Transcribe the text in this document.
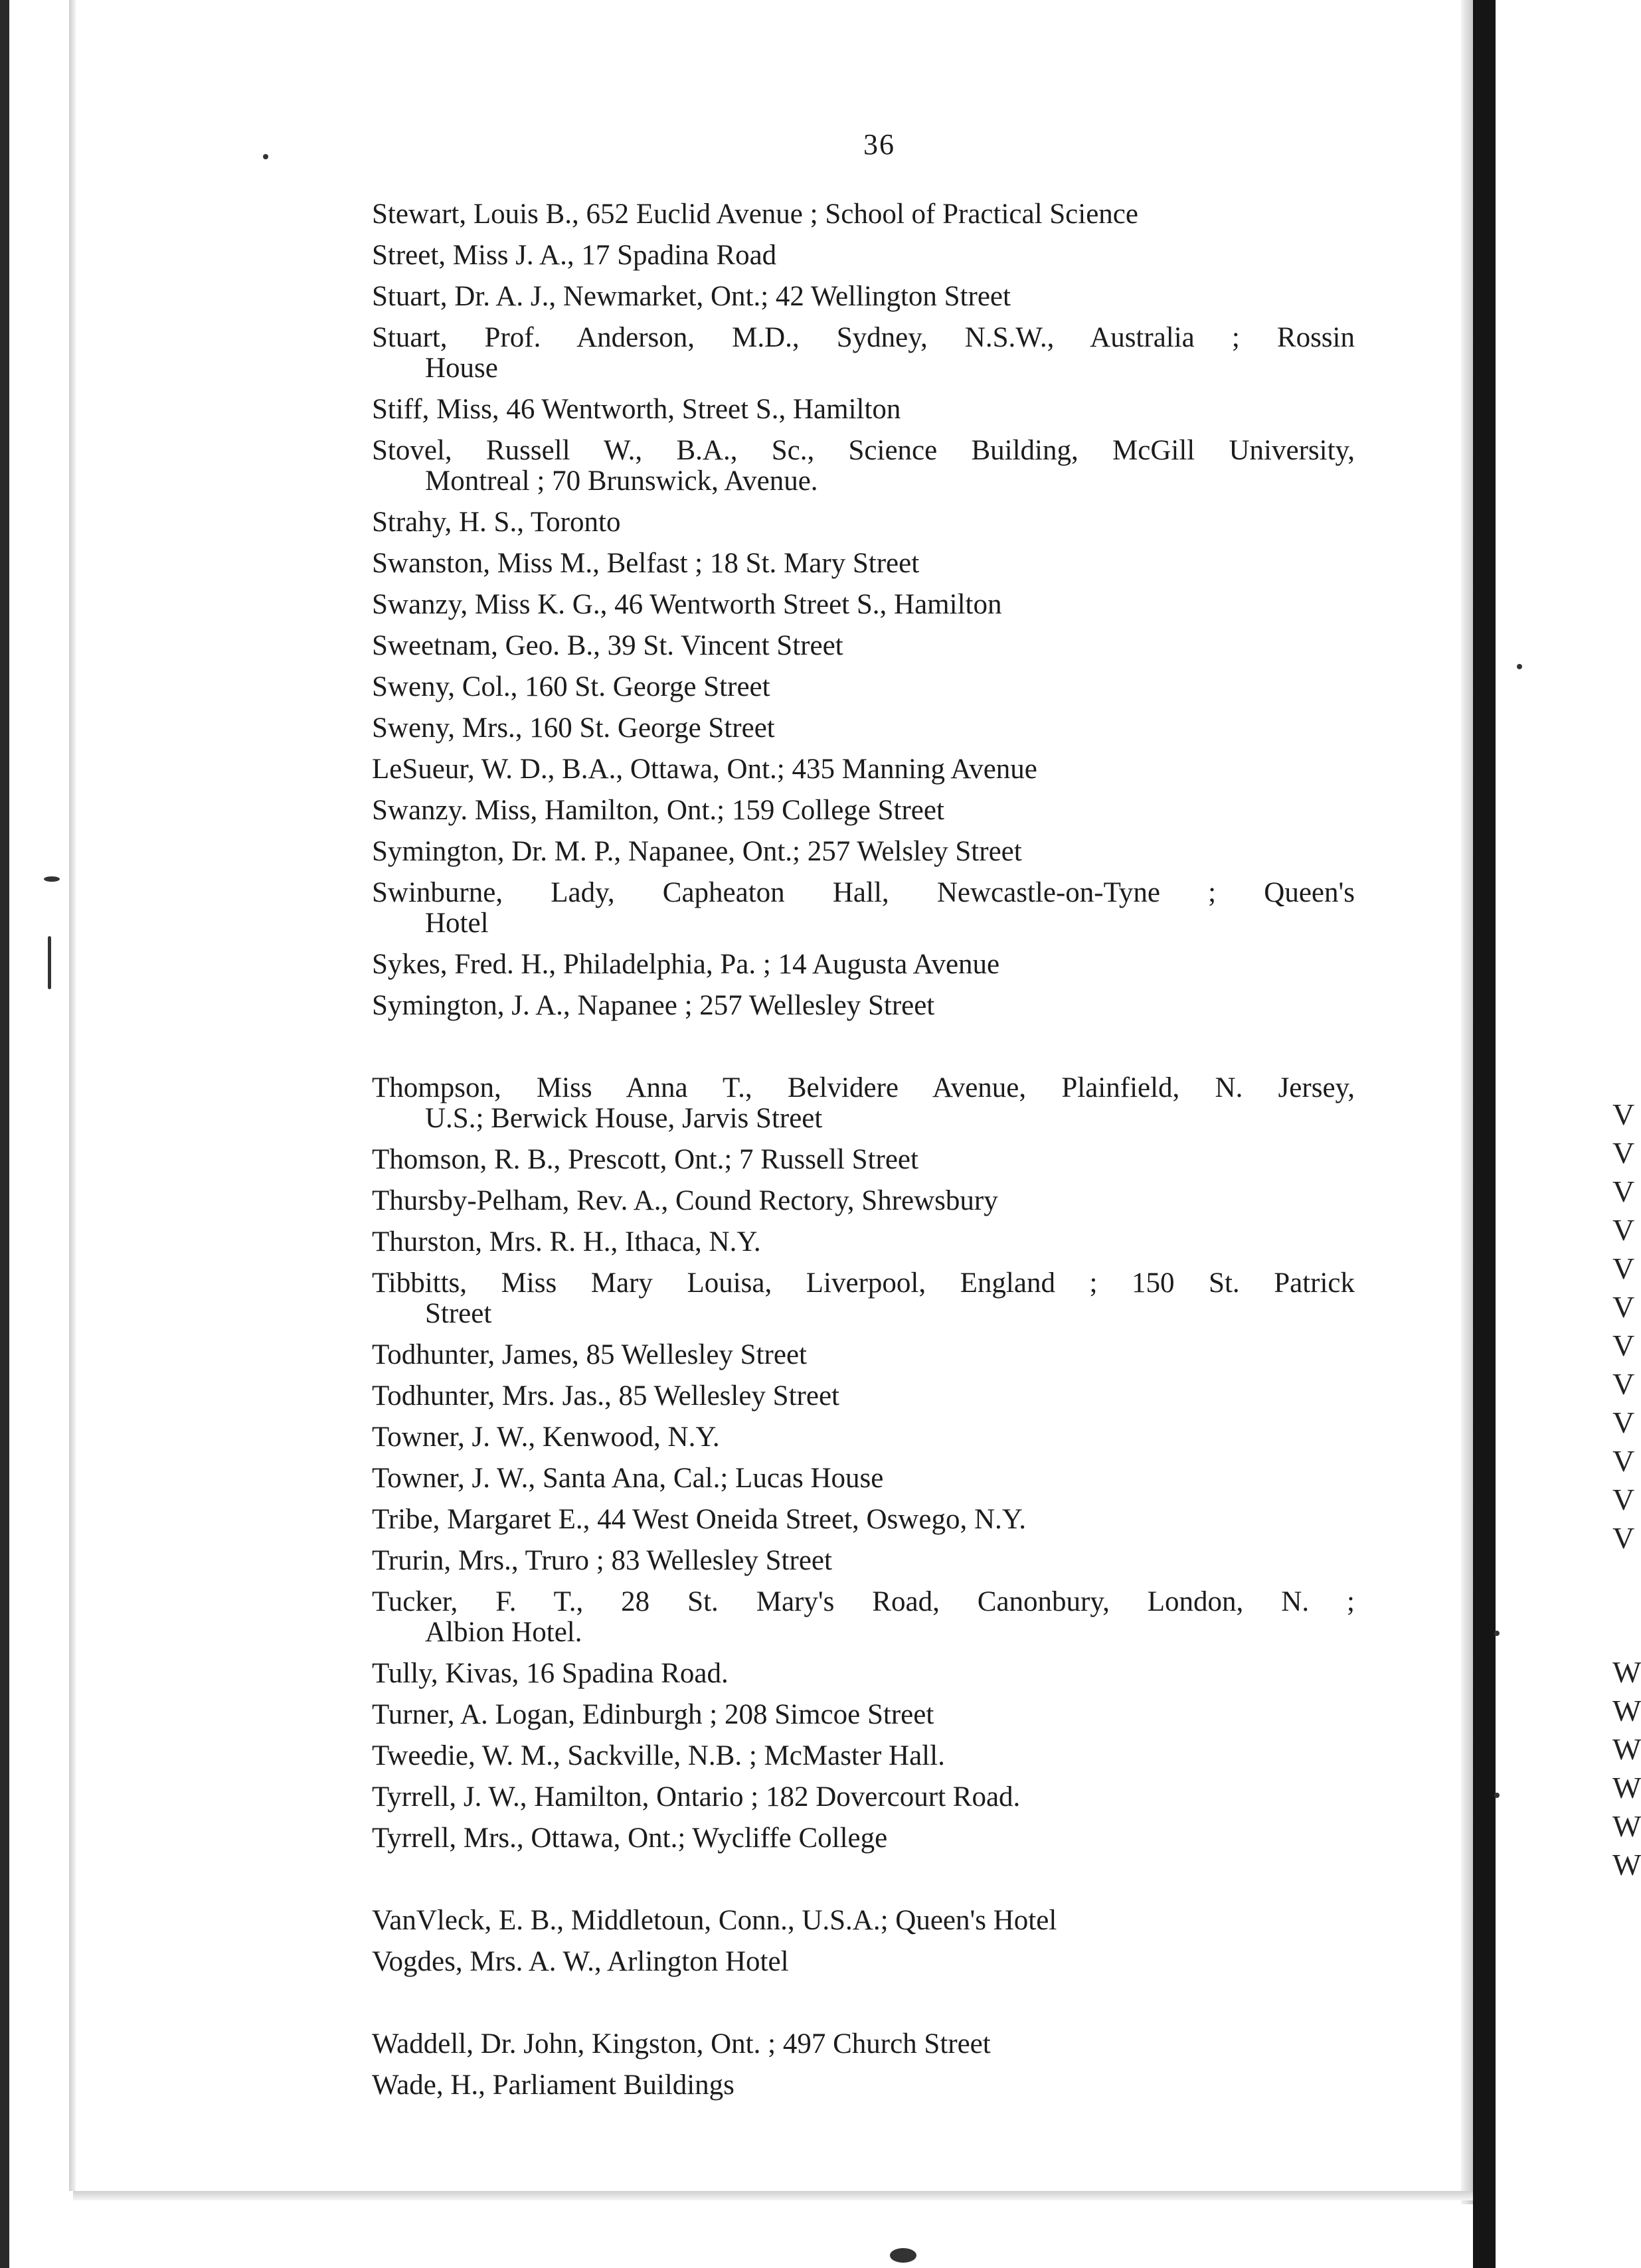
V
V
V
V
V
V
V
V
V
V
V
V
W
W
W
W
W
W
36
Stewart, Louis B., 652 Euclid Avenue ; School of Practical Science
Street, Miss J. A., 17 Spadina Road
Stuart, Dr. A. J., Newmarket, Ont.; 42 Wellington Street
Stuart, Prof. Anderson, M.D., Sydney, N.S.W., Australia ; Rossin
House
Stiff, Miss, 46 Wentworth, Street S., Hamilton
Stovel, Russell W., B.A., Sc., Science Building, McGill University,
Montreal ; 70 Brunswick, Avenue.
Strahy, H. S., Toronto
Swanston, Miss M., Belfast ; 18 St. Mary Street
Swanzy, Miss K. G., 46 Wentworth Street S., Hamilton
Sweetnam, Geo. B., 39 St. Vincent Street
Sweny, Col., 160 St. George Street
Sweny, Mrs., 160 St. George Street
LeSueur, W. D., B.A., Ottawa, Ont.; 435 Manning Avenue
Swanzy. Miss, Hamilton, Ont.; 159 College Street
Symington, Dr. M. P., Napanee, Ont.; 257 Welsley Street
Swinburne, Lady, Capheaton Hall, Newcastle-on-Tyne ; Queen's
Hotel
Sykes, Fred. H., Philadelphia, Pa. ; 14 Augusta Avenue
Symington, J. A., Napanee ; 257 Wellesley Street
Thompson, Miss Anna T., Belvidere Avenue, Plainfield, N. Jersey,
U.S.; Berwick House, Jarvis Street
Thomson, R. B., Prescott, Ont.; 7 Russell Street
Thursby-Pelham, Rev. A., Cound Rectory, Shrewsbury
Thurston, Mrs. R. H., Ithaca, N.Y.
Tibbitts, Miss Mary Louisa, Liverpool, England ; 150 St. Patrick
Street
Todhunter, James, 85 Wellesley Street
Todhunter, Mrs. Jas., 85 Wellesley Street
Towner, J. W., Kenwood, N.Y.
Towner, J. W., Santa Ana, Cal.; Lucas House
Tribe, Margaret E., 44 West Oneida Street, Oswego, N.Y.
Trurin, Mrs., Truro ; 83 Wellesley Street
Tucker, F. T., 28 St. Mary's Road, Canonbury, London, N. ;
Albion Hotel.
Tully, Kivas, 16 Spadina Road.
Turner, A. Logan, Edinburgh ; 208 Simcoe Street
Tweedie, W. M., Sackville, N.B. ; McMaster Hall.
Tyrrell, J. W., Hamilton, Ontario ; 182 Dovercourt Road.
Tyrrell, Mrs., Ottawa, Ont.; Wycliffe College
VanVleck, E. B., Middletoun, Conn., U.S.A.; Queen's Hotel
Vogdes, Mrs. A. W., Arlington Hotel
Waddell, Dr. John, Kingston, Ont. ; 497 Church Street
Wade, H., Parliament Buildings
